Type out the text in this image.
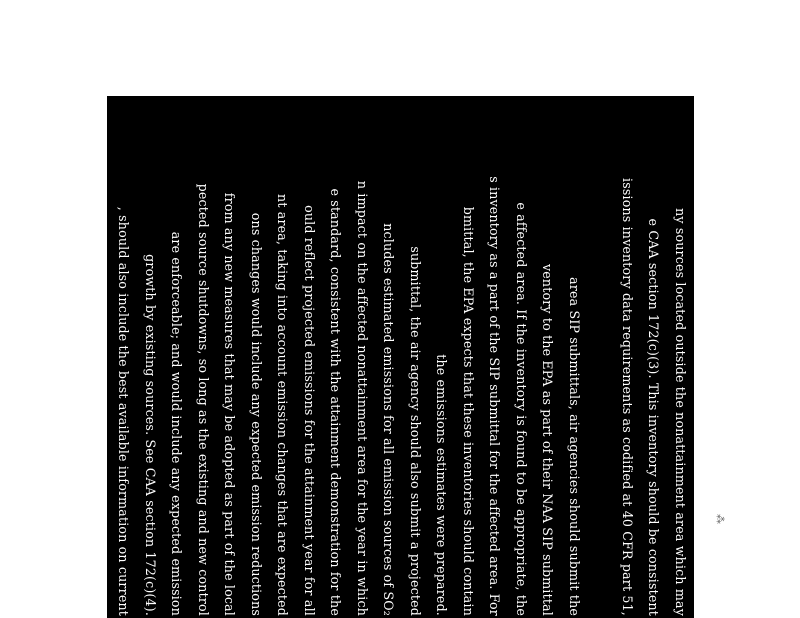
ny sources located outside the nonattainment area which may
e CAA section 172(c)(3). This inventory should be consistent
issions inventory data requirements as codified at 40 CFR part 51,
area SIP submittals, air agencies should submit the
ventory to the EPA as part of their NAA SIP submittal
e affected area. If the inventory is found to be appropriate, the
s inventory as a part of the SIP submittal for the affected area. For
bmittal, the EPA expects that these inventories should contain
the emissions estimates were prepared.
submittal, the air agency should also submit a projected
ncludes estimated emissions for all emission sources of SO₂
n impact on the affected nonattainment area for the year in which
e standard, consistent with the attainment demonstration for the
ould reflect projected emissions for the attainment year for all
nt area, taking into account emission changes that are expected
ons changes would include any expected emission reductions
from any new measures that may be adopted as part of the local
pected source shutdowns, so long as the existing and new control
are enforceable; and would include any expected emission
growth by existing sources. See CAA section 172(c)(4).
, should also include the best available information on current
for the SO₂ sources located in the nonattainment area. These	⁂
